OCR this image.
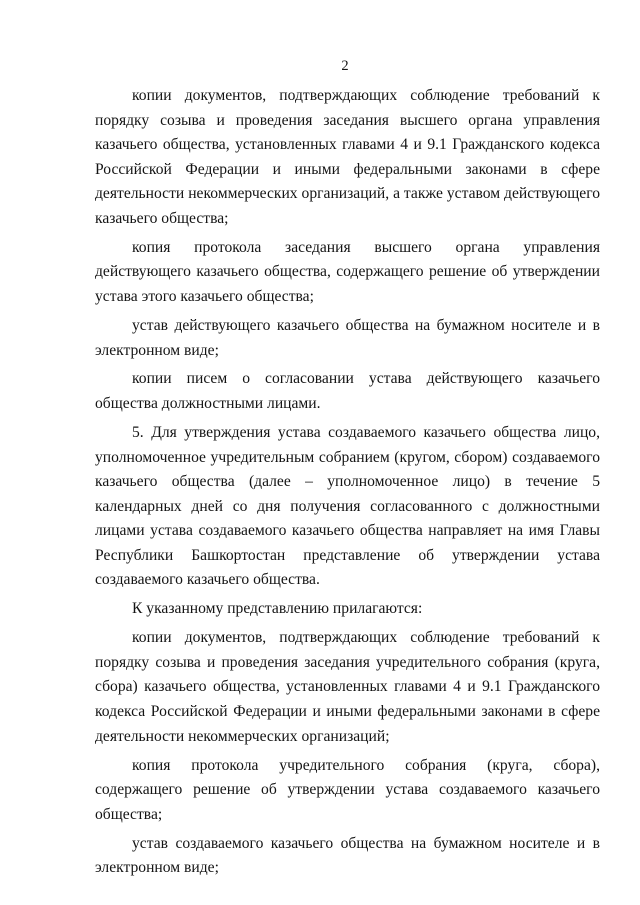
2

копии документов, подтверждающих соблюдение требований к порядку созыва и проведения заседания высшего органа управления казачьего общества, установленных главами 4 и 9.1 Гражданского кодекса Российской Федерации и иными федеральными законами в сфере деятельности некоммерческих организаций, а также уставом действующего казачьего общества;

копия протокола заседания высшего органа управления действующего казачьего общества, содержащего решение об утверждении устава этого казачьего общества;

устав действующего казачьего общества на бумажном носителе и в электронном виде;

копии писем о согласовании устава действующего казачьего общества должностными лицами.

5. Для утверждения устава создаваемого казачьего общества лицо, уполномоченное учредительным собранием (кругом, сбором) создаваемого казачьего общества (далее – уполномоченное лицо) в течение 5 календарных дней со дня получения согласованного с должностными лицами устава создаваемого казачьего общества направляет на имя Главы Республики Башкортостан представление об утверждении устава создаваемого казачьего общества.

К указанному представлению прилагаются:

копии документов, подтверждающих соблюдение требований к порядку созыва и проведения заседания учредительного собрания (круга, сбора) казачьего общества, установленных главами 4 и 9.1 Гражданского кодекса Российской Федерации и иными федеральными законами в сфере деятельности некоммерческих организаций;

копия протокола учредительного собрания (круга, сбора), содержащего решение об утверждении устава создаваемого казачьего общества;

устав создаваемого казачьего общества на бумажном носителе и в электронном виде;
